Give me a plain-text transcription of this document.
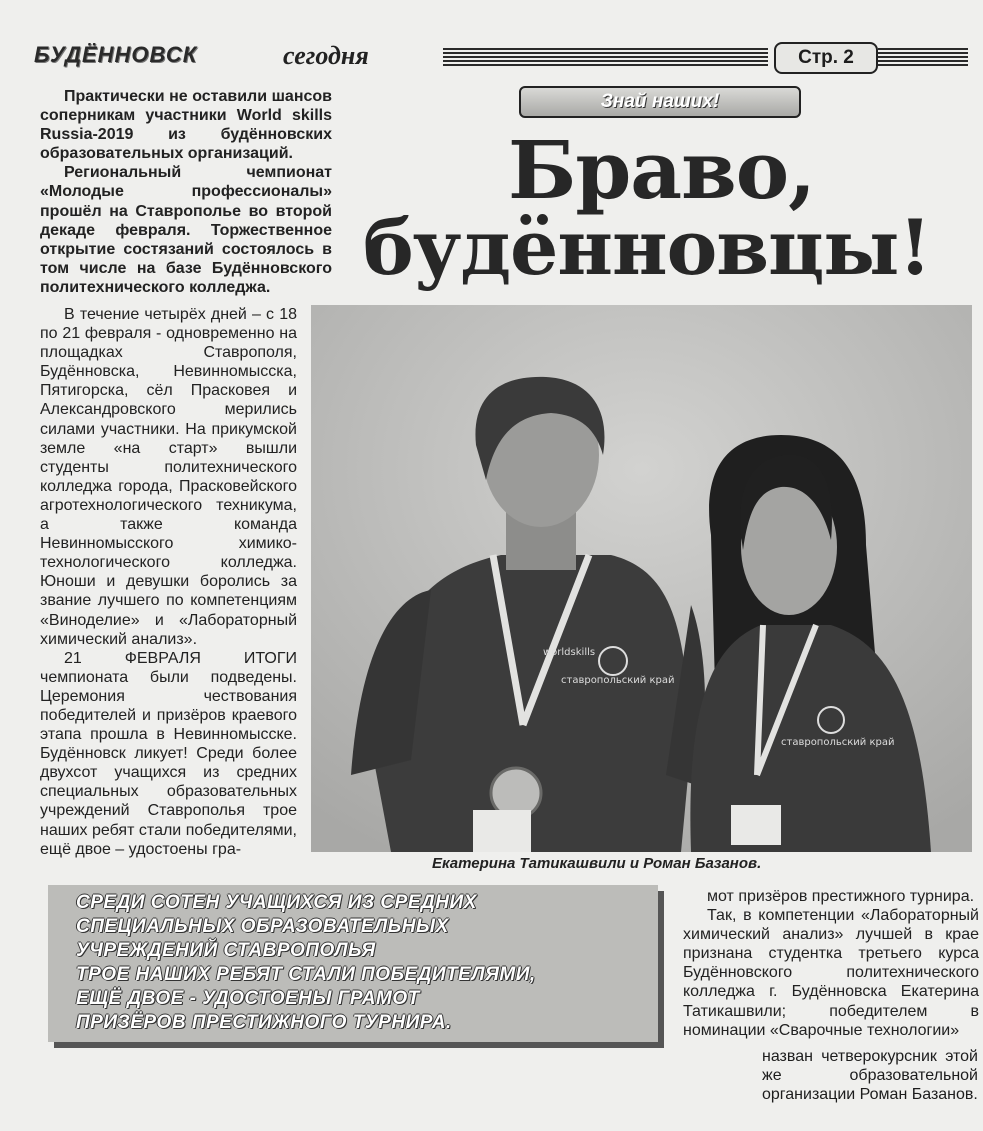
БУДЁННОВСК	сегодня	Стр. 2
Знай наших!
Браво,
будённовцы!

Практически не оставили шансов соперникам участники World skills Russia-2019 из будённовских образовательных организаций.

Региональный чемпионат «Молодые профессионалы» прошёл на Ставрополье во второй декаде февраля. Торжественное открытие состязаний состоялось в том числе на базе Будённовского политехнического колледжа.

В течение четырёх дней – с 18 по 21 февраля - одновременно на площадках Ставрополя, Будённовска, Невинномысска, Пятигорска, сёл Прасковея и Александровского мерились силами участники. На прикумской земле «на старт» вышли студенты политехнического колледжа города, Прасковейского агротехнологического техникума, а также команда Невинномысского химико-технологического колледжа. Юноши и девушки боролись за звание лучшего по компетенциям «Виноделие» и «Лабораторный химический анализ».

21 ФЕВРАЛЯ ИТОГИ чемпионата были подведены. Церемония чествования победителей и призёров краевого этапа прошла в Невинномысске. Будённовск ликует! Среди более двухсот учащихся из средних специальных образовательных учреждений Ставрополья трое наших ребят стали победителями, ещё двое – удостоены гра-

ставропольский край
worldskills
ставропольский край
Екатерина Татикашвили и Роман Базанов.
СРЕДИ СОТЕН УЧАЩИХСЯ ИЗ СРЕДНИХ
СПЕЦИАЛЬНЫХ ОБРАЗОВАТЕЛЬНЫХ
УЧРЕЖДЕНИЙ СТАВРОПОЛЬЯ
ТРОЕ НАШИХ РЕБЯТ СТАЛИ ПОБЕДИТЕЛЯМИ,
ЕЩЁ ДВОЕ - УДОСТОЕНЫ ГРАМОТ
ПРИЗЁРОВ ПРЕСТИЖНОГО ТУРНИРА.

мот призёров престижного турнира.

Так, в компетенции «Лабораторный химический анализ» лучшей в крае признана студентка третьего курса Будённовского политехнического колледжа г. Будённовска Екатерина Татикашвили; победителем в номинации «Сварочные технологии»

назван четверокурсник этой же образовательной организации Роман Базанов.
